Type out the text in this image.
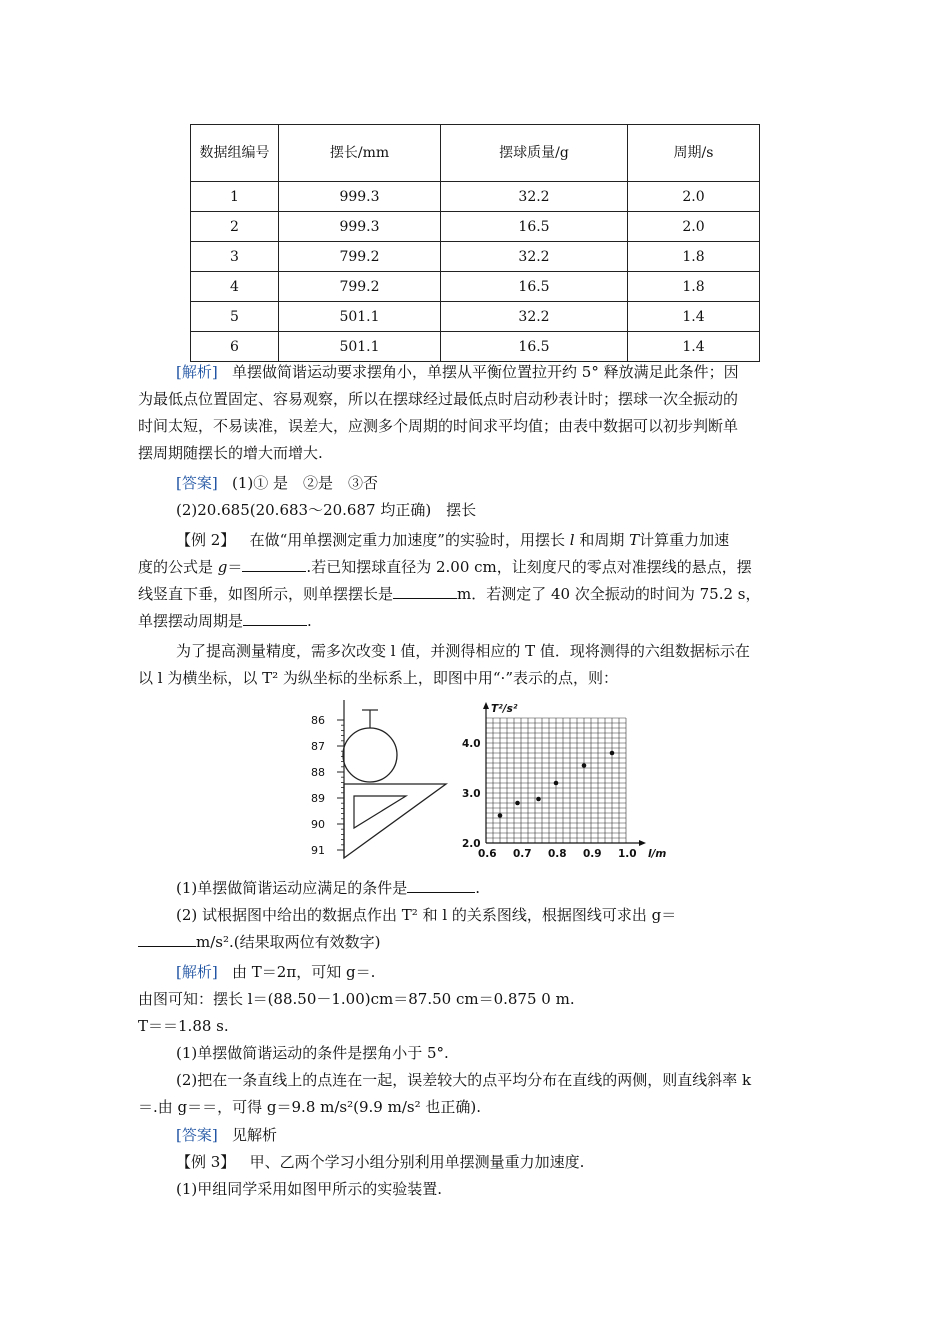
数据组编号	摆长/mm	摆球质量/g	周期/s
1	999.3	32.2	2.0
2	999.3	16.5	2.0
3	799.2	32.2	1.8
4	799.2	16.5	1.8
5	501.1	32.2	1.4
6	501.1	16.5	1.4
[解析] 单摆做简谐运动要求摆角小，单摆从平衡位置拉开约 5° 释放满足此条件；因
为最低点位置固定、容易观察，所以在摆球经过最低点时启动秒表计时；摆球一次全振动的
时间太短，不易读准，误差大，应测多个周期的时间求平均值；由表中数据可以初步判断单
摆周期随摆长的增大而增大.
[答案] (1)① 是　②是　③否
(2)20.685(20.683～20.687 均正确)　摆长
【例 2】 在做“用单摆测定重力加速度”的实验时，用摆长 l 和周期 T计算重力加速
度的公式是 g＝	.若已知摆球直径为 2.00 cm，让刻度尺的零点对准摆线的悬点，摆
线竖直下垂，如图所示，则单摆摆长是	m．若测定了 40 次全振动的时间为 75.2 s，
单摆摆动周期是	.
为了提高测量精度，需多次改变 l 值，并测得相应的 T 值．现将测得的六组数据标示在
以 l 为横坐标，以 T² 为纵坐标的坐标系上，即图中用“·”表示的点，则：
86
87
88
89
90
91	0.6 0.7 0.8 0.9 1.0
2.0
3.0
4.0
l/m
T²/s²
(1)单摆做简谐运动应满足的条件是	.
(2) 试根据图中给出的数据点作出 T² 和 l 的关系图线，根据图线可求出 g＝
m/s².(结果取两位有效数字)
[解析] 由 T＝2π，可知 g＝.
由图可知：摆长 l＝(88.50－1.00)cm＝87.50 cm＝0.875 0 m.
T＝＝1.88 s.
(1)单摆做简谐运动的条件是摆角小于 5°.
(2)把在一条直线上的点连在一起，误差较大的点平均分布在直线的两侧，则直线斜率 k
＝.由 g＝＝，可得 g＝9.8 m/s²(9.9 m/s² 也正确).
[答案] 见解析
【例 3】 甲、乙两个学习小组分别利用单摆测量重力加速度.
(1)甲组同学采用如图甲所示的实验装置.
